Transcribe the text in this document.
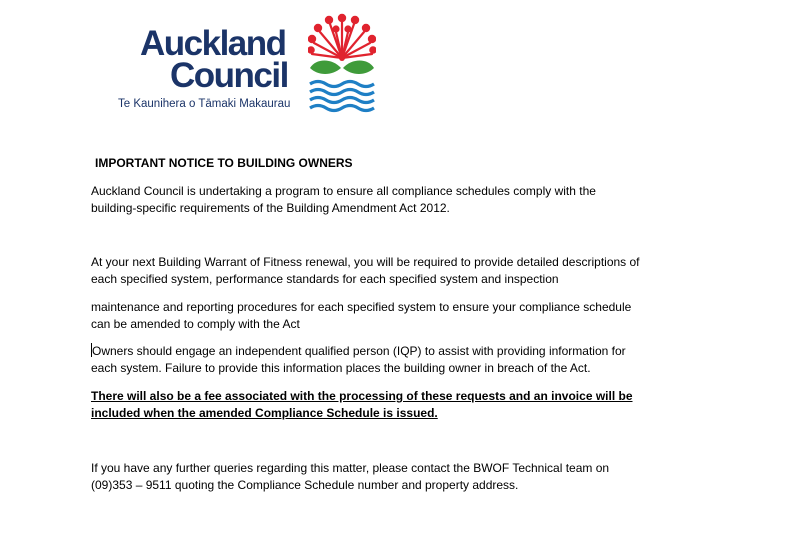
Auckland
Council
Te Kaunihera o Tāmaki Makaurau
IMPORTANT NOTICE TO BUILDING OWNERS
Auckland Council is undertaking a program to ensure all compliance schedules comply with the
building-specific requirements of the Building Amendment Act 2012.
At your next Building Warrant of Fitness renewal, you will be required to provide detailed descriptions of
each specified system, performance standards for each specified system and inspection
maintenance and reporting procedures for each specified system to ensure your compliance schedule
can be amended to comply with the Act
Owners should engage an independent qualified person (IQP) to assist with providing information for
each system. Failure to provide this information places the building owner in breach of the Act.
There will also be a fee associated with the processing of these requests and an invoice will be
included when the amended Compliance Schedule is issued.
If you have any further queries regarding this matter, please contact the BWOF Technical team on
(09)353 – 9511 quoting the Compliance Schedule number and property address.
